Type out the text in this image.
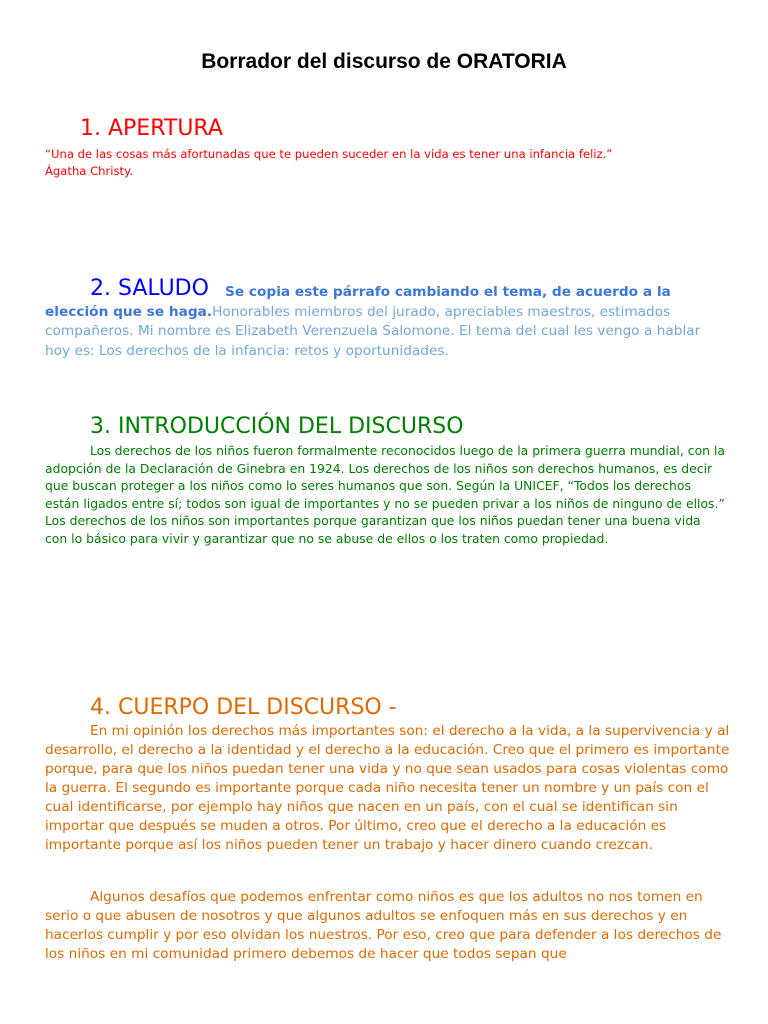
Borrador del discurso de ORATORIA
1. APERTURA

“Una de las cosas más afortunadas que te pueden suceder en la vida es tener una infancia feliz.”
Ágatha Christy.

2. SALUDO	Se copia este párrafo cambiando el tema, de acuerdo a la elección que se haga.Honorables miembros del jurado, apreciables maestros, estimados compañeros. Mi nombre es Elizabeth Verenzuela Salomone. El tema del cual les vengo a hablar hoy es: Los derechos de la infancia: retos y oportunidades.

3. INTRODUCCIÓN DEL DISCURSO

Los derechos de los niños fueron formalmente reconocidos luego de la primera guerra mundial, con la adopción de la Declaración de Ginebra en 1924. Los derechos de los niños son derechos humanos, es decir que buscan proteger a los niños como lo seres humanos que son. Según la UNICEF, “Todos los derechos están ligados entre sí; todos son igual de importantes y no se pueden privar a los niños de ninguno de ellos.” Los derechos de los niños son importantes porque garantizan que los niños puedan tener una buena vida con lo básico para vivir y garantizar que no se abuse de ellos o los traten como propiedad.

4. CUERPO DEL DISCURSO -

En mi opinión los derechos más importantes son: el derecho a la vida, a la supervivencia y al desarrollo, el derecho a la identidad y el derecho a la educación. Creo que el primero es importante porque, para que los niños puedan tener una vida y no que sean usados para cosas violentas como la guerra. El segundo es importante porque cada niño necesita tener un nombre y un país con el cual identificarse, por ejemplo hay niños que nacen en un país, con el cual se identifican sin importar que después se muden a otros. Por último, creo que el derecho a la educación es importante porque así los niños pueden tener un trabajo y hacer dinero cuando crezcan.

Algunos desafíos que podemos enfrentar como niños es que los adultos no nos tomen en serio o que abusen de nosotros y que algunos adultos se enfoquen más en sus derechos y en hacerlos cumplir y por eso olvidan los nuestros. Por eso, creo que para defender a los derechos de los niños en mi comunidad primero debemos de hacer que todos sepan que
